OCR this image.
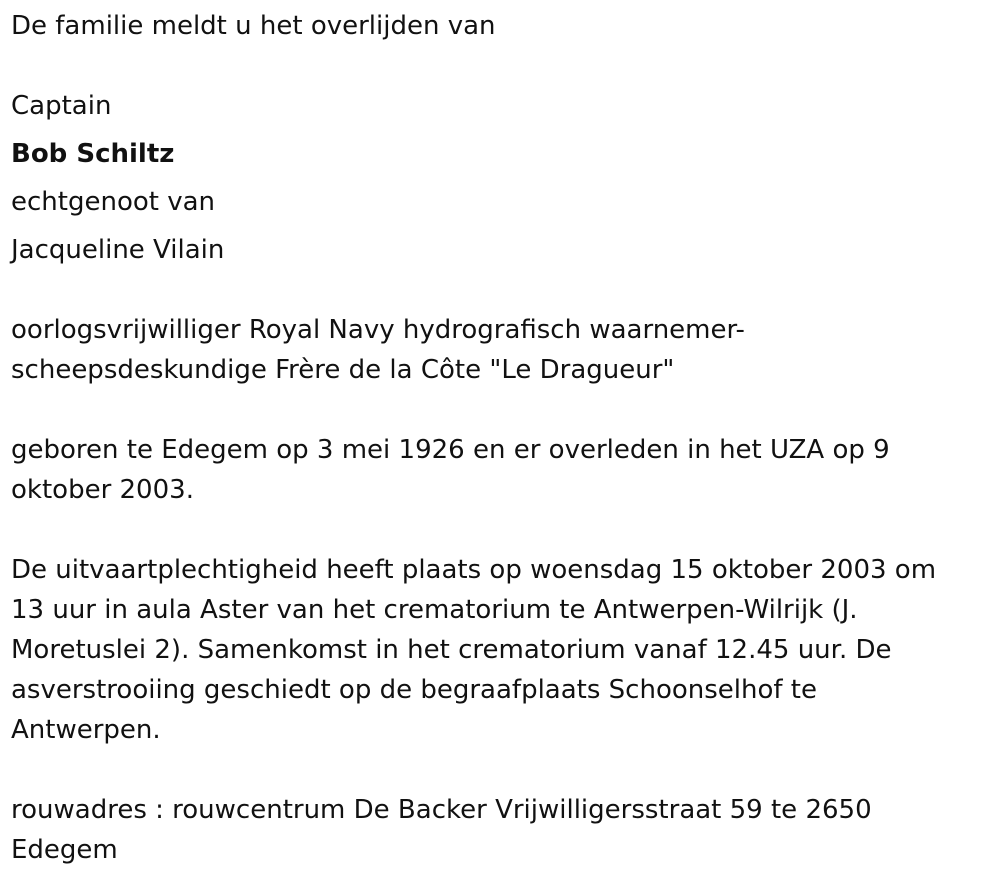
De familie meldt u het overlijden van

Captain

Bob Schiltz

echtgenoot van

Jacqueline Vilain

oorlogsvrijwilliger Royal Navy hydrografisch waarnemer-

scheepsdeskundige Frère de la Côte "Le Dragueur"

geboren te Edegem op 3 mei 1926 en er overleden in het UZA op 9

oktober 2003.

De uitvaartplechtigheid heeft plaats op woensdag 15 oktober 2003 om

13 uur in aula Aster van het crematorium te Antwerpen-Wilrijk (J.

Moretuslei 2). Samenkomst in het crematorium vanaf 12.45 uur. De

asverstrooiing geschiedt op de begraafplaats Schoonselhof te

Antwerpen.

rouwadres : rouwcentrum De Backer Vrijwilligersstraat 59 te 2650

Edegem
